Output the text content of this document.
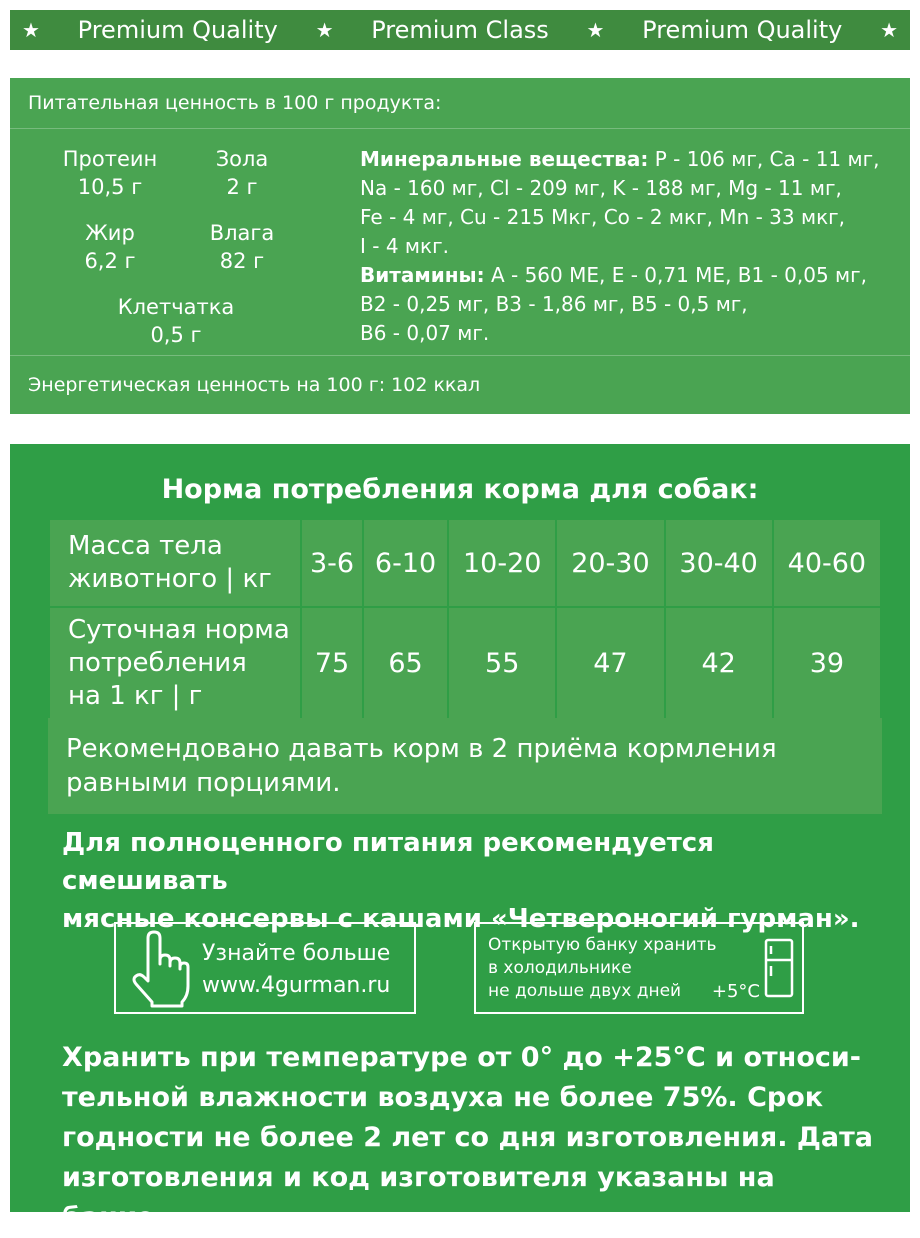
★ Premium Quality ★ Premium Class ★ Premium Quality ★
Питательная ценность в 100 г продукта:
Протеин
10,5 г
Зола
2 г
Жир
6,2 г
Влага
82 г
Клетчатка
0,5 г
Минеральные вещества: P - 106 мг, Ca - 11 мг,
Na - 160 мг, Cl - 209 мг, K - 188 мг, Mg - 11 мг,
Fe - 4 мг, Cu - 215 Мкг, Co - 2 мкг, Mn - 33 мкг,
I - 4 мкг.
Витамины: A - 560 МЕ, E - 0,71 МЕ, B1 - 0,05 мг,
B2 - 0,25 мг, B3 - 1,86 мг, B5 - 0,5 мг,
B6 - 0,07 мг.
Энергетическая ценность на 100 г: 102 ккал
Норма потребления корма для собак:
Масса тела
животного | кг	3-6	6-10	10-20	20-30	30-40	40-60

Суточная норма
потребления
на 1 кг | г	75	65	55	47	42	39
Рекомендовано давать корм в 2 приёма кормления
равными порциями.
Для полноценного питания рекомендуется смешивать
мясные консервы с кашами «Четвероногий гурман».
Узнайте больше
www.4gurman.ru
Открытую банку хранить
в холодильнике
не дольше двух дней	+5°C
Хранить при температуре от 0° до +25°С и относи-
тельной влажности воздуха не более 75%. Срок
годности не более 2 лет со дня изготовления. Дата
изготовления и код изготовителя указаны на банке.
